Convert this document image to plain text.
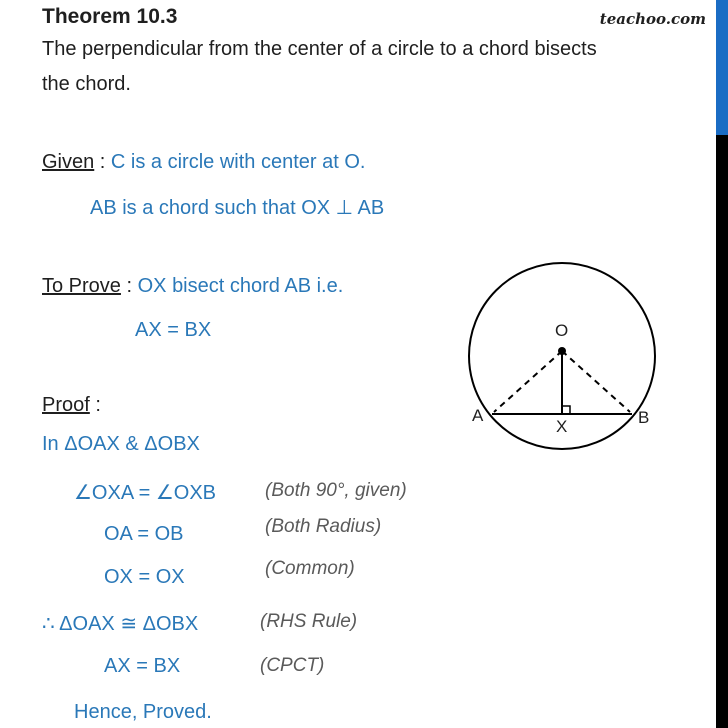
Theorem 10.3	teachoo.com
The perpendicular from the center of a circle to a chord bisects
the chord.
Given : C is a circle with center at O.
AB is a chord such that OX ⊥ AB
To Prove : OX bisect chord AB i.e.
AX = BX
Proof :
In ΔOAX & ΔOBX
∠OXA = ∠OXB	(Both 90°, given)
OA = OB	(Both Radius)
OX = OX	(Common)
∴ ΔOAX ≅ ΔOBX	(RHS Rule)
AX = BX	(CPCT)
Hence, Proved.
O
A	B
X
